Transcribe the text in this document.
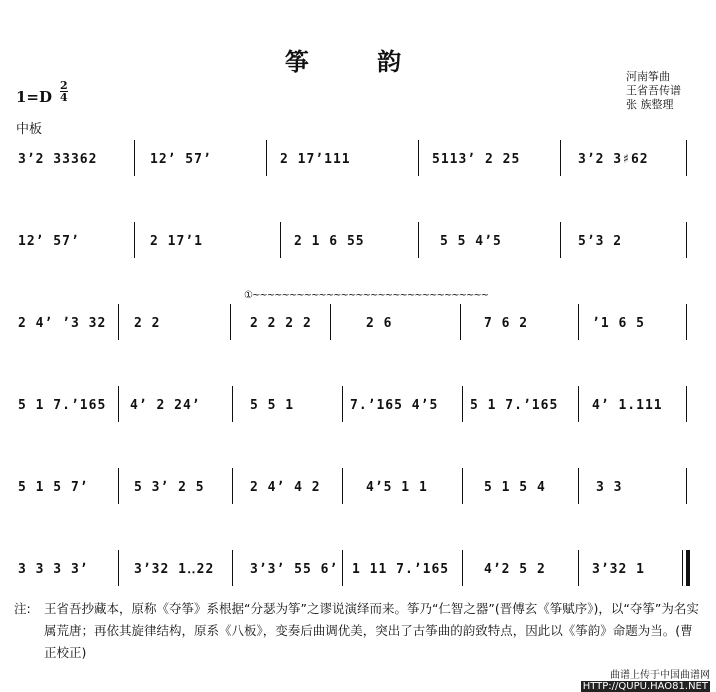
筝 韵
1=D
2
4
中板
河南筝曲
王省吾传谱
张 族整理
3ʼ2 33362	12ʼ 57ʼ	2 17ʼ111	5113ʼ 2 25	3ʼ2 3♯62
12ʼ 57ʼ	2 17ʼ1	2 1 6 55	5 5 4ʼ5	5ʼ3 2
①~~~~~~~~~~~~~~~~~~~~~~~~~~~~~~~~
2 4ʼ ʼ3 32 2 2	2 2 2 2	2 6	7 6 2	ʼ1 6 5
5 1 7.ʼ165 4ʼ 2 24ʼ	5 5 1	7.ʼ165 4ʼ5 5 1 7.ʼ165	4ʼ 1.111
5 1 5 7ʼ	5 3ʼ 2 5	2 4ʼ 4 2	4ʼ5 1 1	5 1 5 4	3 3
3 3 3 3ʼ	3ʼ32 1‥22	3ʼ3ʼ 55 6ʼ 1 11 7.ʼ165	4ʼ2 5 2	3ʼ32 1
注: 王省吾抄藏本，原称《夺筝》系根据“分瑟为筝”之谬说演绎而来。筝乃“仁智之器”(晋傅玄《筝赋序》)，以“夺筝”为名实属荒唐；再依其旋律结构，原系《八板》，变奏后曲调优美，突出了古筝曲的韵致特点，因此以《筝韵》命题为当。(曹正校正)
曲谱上传于中国曲谱网
HTTP://QUPU.HAO81.NET
